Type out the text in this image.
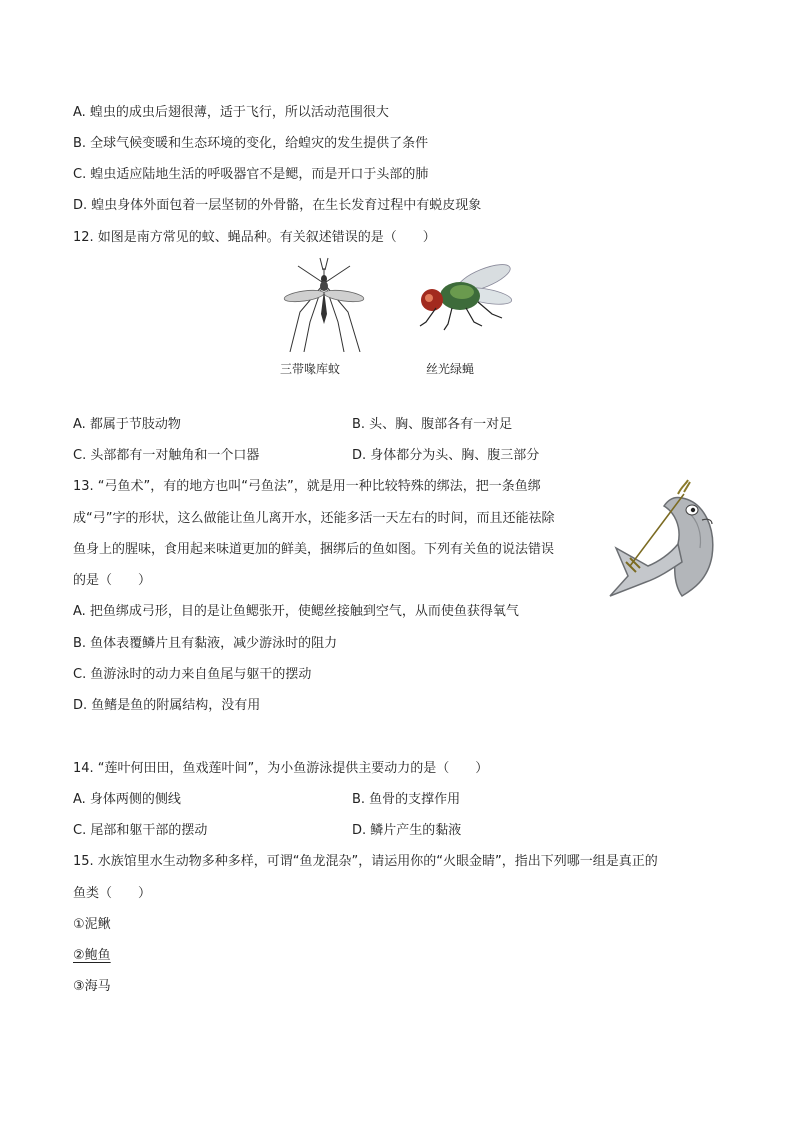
A. 蝗虫的成虫后翅很薄，适于飞行，所以活动范围很大
B. 全球气候变暖和生态环境的变化，给蝗灾的发生提供了条件
C. 蝗虫适应陆地生活的呼吸器官不是鳃，而是开口于头部的肺
D. 蝗虫身体外面包着一层坚韧的外骨骼，在生长发育过程中有蜕皮现象
12. 如图是南方常见的蚊、蝇品种。有关叙述错误的是（　　）
三带喙库蚊	丝光绿蝇
A. 都属于节肢动物	B. 头、胸、腹部各有一对足
C. 头部都有一对触角和一个口器	D. 身体都分为头、胸、腹三部分
13. “弓鱼术”，有的地方也叫“弓鱼法”，就是用一种比较特殊的绑法，把一条鱼绑
成“弓”字的形状，这么做能让鱼儿离开水，还能多活一天左右的时间，而且还能祛除
鱼身上的腥味，食用起来味道更加的鲜美，捆绑后的鱼如图。下列有关鱼的说法错误
的是（　　）
A. 把鱼绑成弓形，目的是让鱼鳃张开，使鳃丝接触到空气，从而使鱼获得氧气
B. 鱼体表覆鳞片且有黏液，减少游泳时的阻力
C. 鱼游泳时的动力来自鱼尾与躯干的摆动
D. 鱼鳍是鱼的附属结构，没有用
14. “莲叶何田田，鱼戏莲叶间”，为小鱼游泳提供主要动力的是（　　）
A. 身体两侧的侧线	B. 鱼骨的支撑作用
C. 尾部和躯干部的摆动	D. 鳞片产生的黏液
15. 水族馆里水生动物多种多样，可谓“鱼龙混杂”，请运用你的“火眼金睛”，指出下列哪一组是真正的
鱼类（　　）
①泥鳅
②鲍鱼
③海马
